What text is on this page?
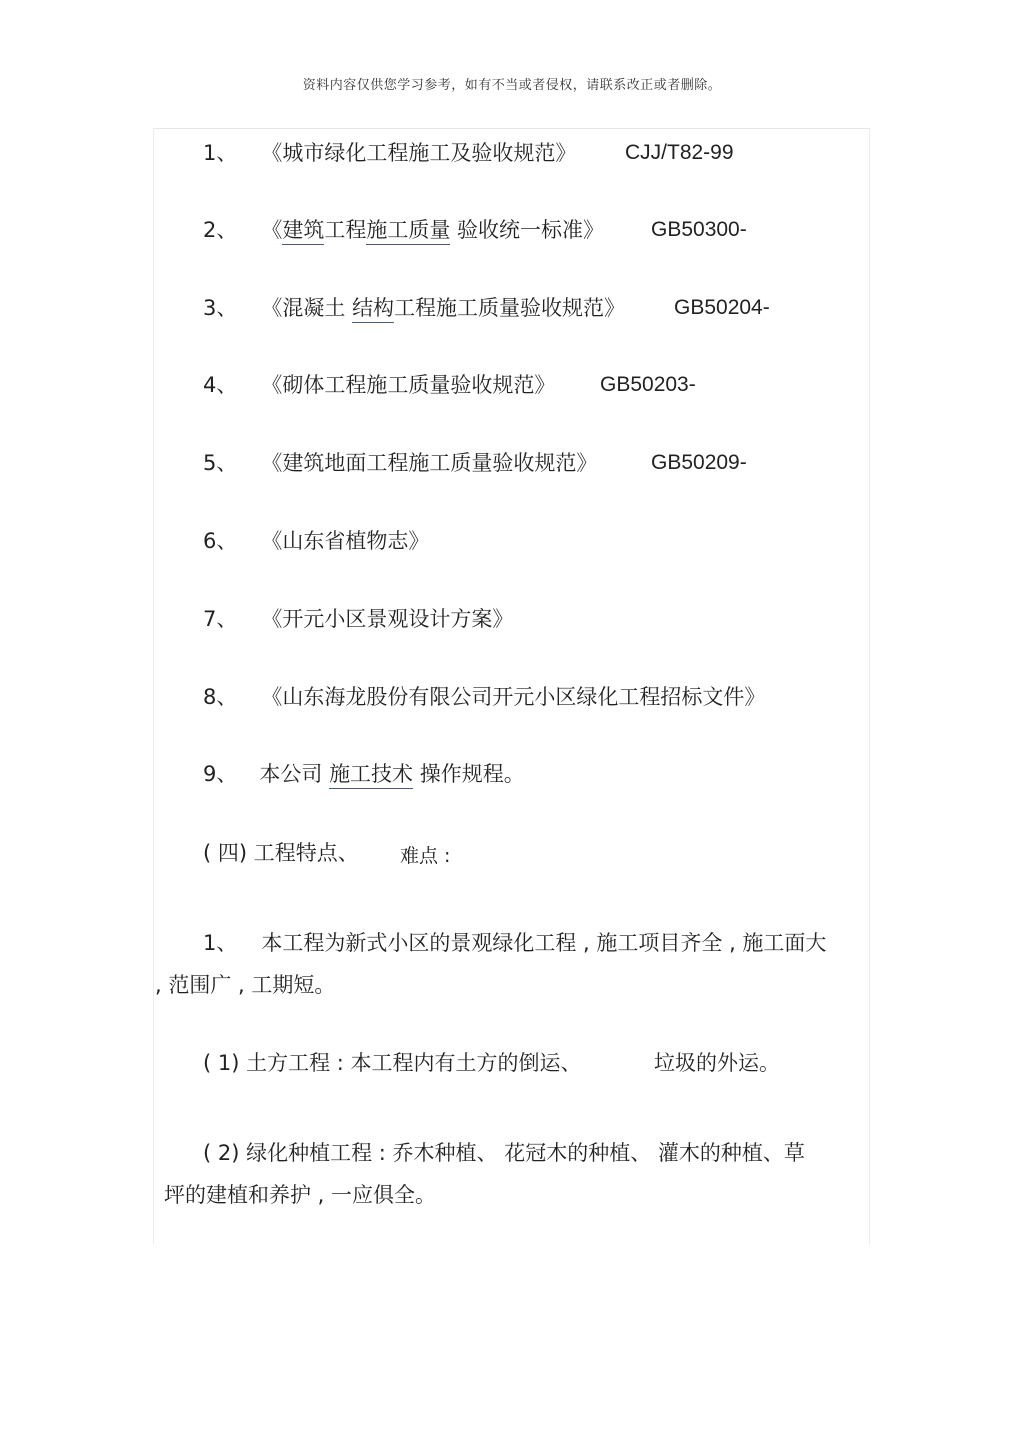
资料内容仅供您学习参考，如有不当或者侵权，请联系改正或者删除。
1、 《城市绿化工程施工及验收规范》 CJJ/T82-99
2、 《建筑工程施工质量 验收统一标准》 GB50300-
3、 《混凝土 结构工程施工质量验收规范》 GB50204-
4、 《砌体工程施工质量验收规范》 GB50203-
5、 《建筑地面工程施工质量验收规范》	GB50209-
6、 《山东省植物志》
7、 《开元小区景观设计方案》
8、 《山东海龙股份有限公司开元小区绿化工程招标文件》
9、 本公司 施工技术 操作规程。
( 四) 工程特点、 难点 :
1、 本工程为新式小区的景观绿化工程 , 施工项目齐全 , 施工面大
, 范围广 , 工期短。
( 1) 土方工程 : 本工程内有土方的倒运、	垃圾的外运。
( 2) 绿化种植工程 : 乔木种植、 花冠木的种植、 灌木的种植、草
坪的建植和养护 , 一应俱全。
